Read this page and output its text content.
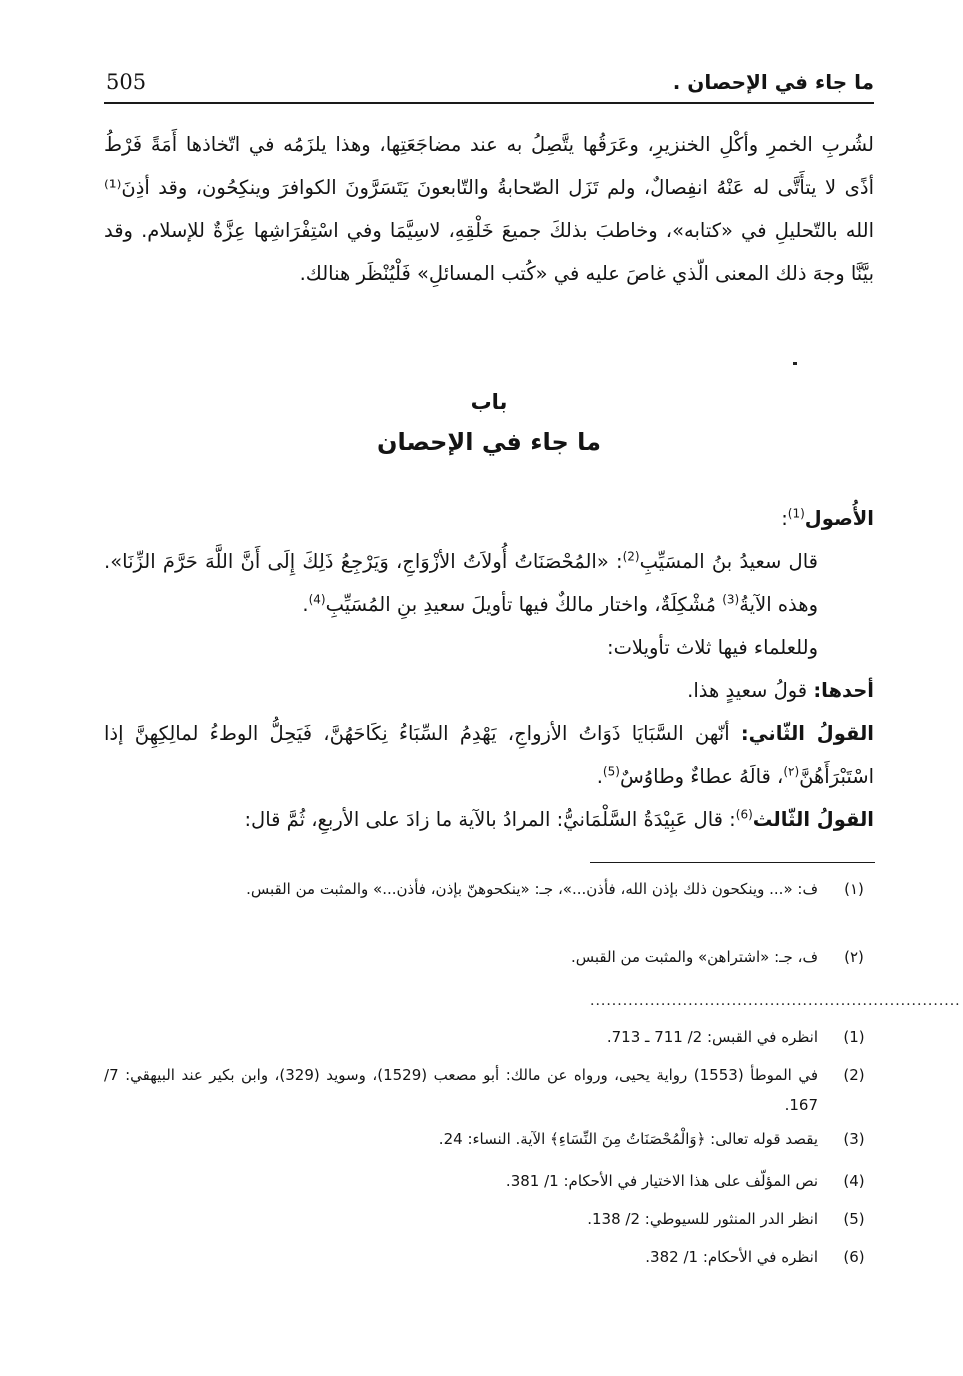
505	ما جاء في الإحصان .
لشُربِ الخمرِ وأكْلِ الخنزيرِ، وعَرَقُها يتَّصِلُ به عند مضاجَعَتِها، وهذا يلزَمُه في اتّخاذها أَمَةً فَرْطُ أذًى لا يتأَتَّى له عَنْهُ انفِصالٌ، ولم تَزَل الصّحابةُ والتّابعونَ يَتَسَرَّونَ الكوافرَ وينكِحُون، وقد أذِنَ⁽¹⁾ الله بالتّحليلِ في «كتابه»، وخاطبَ بذلكَ جميعَ خَلْقِهِ، لاسِيَّمَا وفي اسْتِفْرَاشِها عِزَّةٌ للإسلام. وقد بيَّنَّا وجهَ ذلك المعنى الّذي غاصَ عليه في «كُتب المسائلِ» فَلْيُنْظَر هنالك.
باب
ما جاء في الإحصان

الأُصول$^{(1)}$:

قال سعيدُ بنُ المسَيِّبِ$^{(2)}$: «المُحْصَنَاتُ أُولاَتُ الأزْوَاجِ، وَيَرْجِعُ ذَلِكَ إِلَى أَنَّ اللَّهَ حَرَّمَ الزِّنَا». وهذه الآيةُ$^{(3)}$ مُشْكِلَةٌ، واختار مالكٌ فيها تأويلَ سعيدِ بنِ المُسَيِّبِ$^{(4)}$.

وللعلماء فيها ثلاث تأويلات:

أحدها: قولُ سعيدٍ هذا.

القولُ الثّاني: أنّهن السَّبَايَا ذَوَاتُ الأزواجِ، يَهْدِمُ السِّبَاءُ نِكَاحَهُنَّ، فَيَحِلُّ الوطءُ لمالِكِهِنَّ إذا اسْتَبْرَأَهُنَّ$^{(٢)}$، قالَهُ عطاءٌ وطاوُسٌ$^{(5)}$.

القولُ الثّالث$^{(6)}$: قال عَبِيْدَةُ السَّلْمَانيُّ: المرادُ بالآية ما زادَ على الأربعِ، ثُمَّ قال:

(١)
ف: «... وينكحون ذلك بإذن الله، فأذن...»، جـ: «ينكحوهنّ بإذن، فأذن...» والمثبت من القبس.
(٢)
ف، جـ: «اشتراهن» والمثبت من القبس.
....................................................................
(1)
انظره في القبس: 2/ 711 ـ 713.
(2)
في الموطأ (1553) رواية يحيى، ورواه عن مالك: أبو مصعب (1529)، وسويد (329)، وابن بكير عند البيهقي: 7/ 167.
(3)
يقصد قوله تعالى: ﴿وَالْمُحْصَنَاتُ مِنَ النِّسَاءِ﴾ الآية. النساء: 24.
(4)
نص المؤلّف على هذا الاختيار في الأحكام: 1/ 381.
(5)
انظر الدر المنثور للسيوطي: 2/ 138.
(6)
انظره في الأحكام: 1/ 382.
